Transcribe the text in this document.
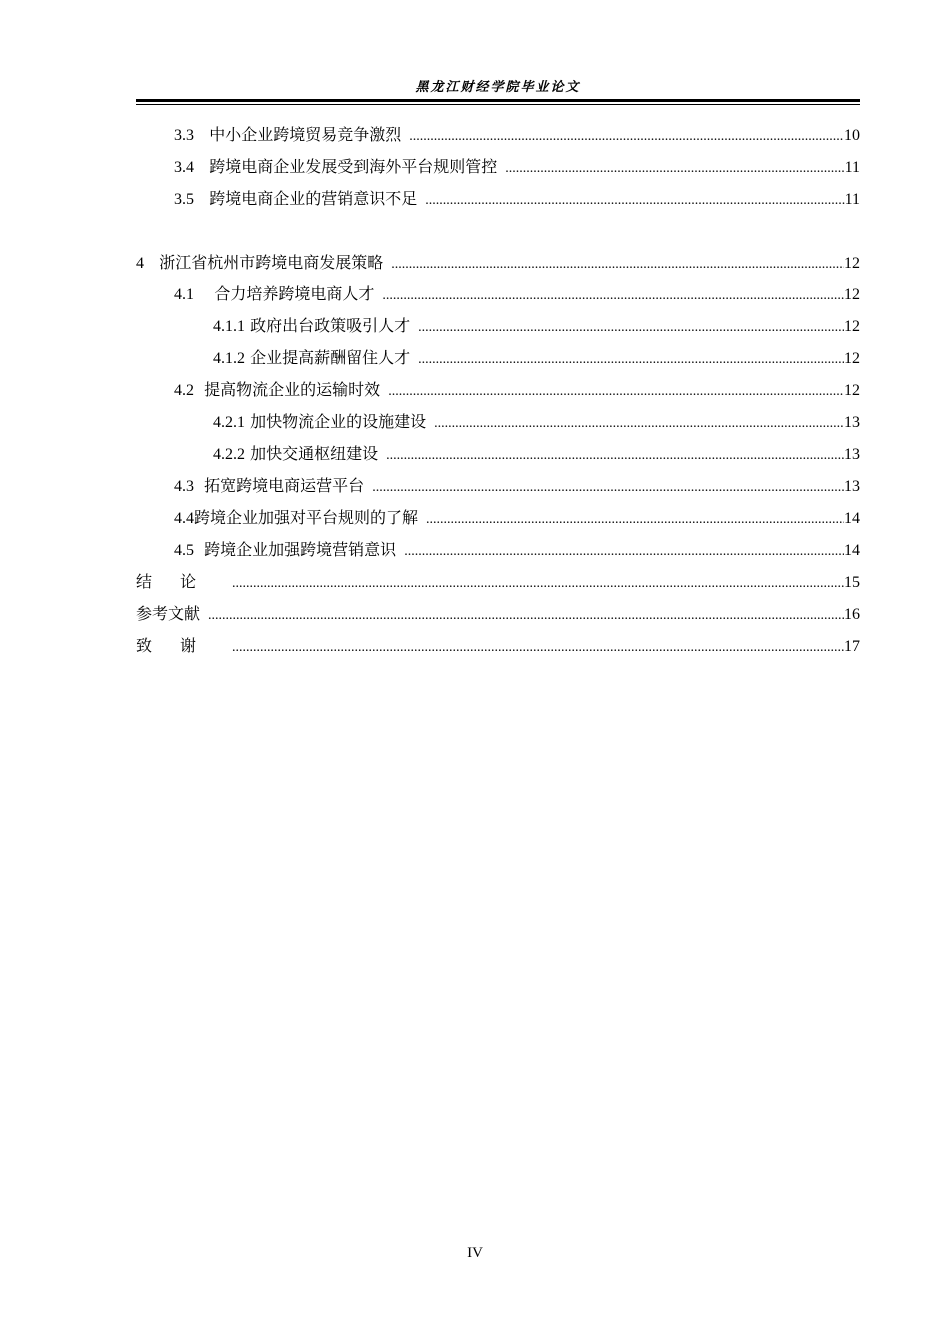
黑龙江财经学院毕业论文
3.3 中小企业跨境贸易竞争激烈 .....	10
3.4 跨境电商企业发展受到海外平台规则管控 .....	11
3.5 跨境电商企业的营销意识不足 .....	11
4 浙江省杭州市跨境电商发展策略 .....	12
4.1 合力培养跨境电商人才 .....	12
4.1.1 政府出台政策吸引人才 .....	12
4.1.2 企业提高薪酬留住人才 .....	12
4.2 提高物流企业的运输时效 .....	12
4.2.1 加快物流企业的设施建设 .....	13
4.2.2 加快交通枢纽建设 .....	13
4.3 拓宽跨境电商运营平台 .....	13
4.4跨境企业加强对平台规则的了解 .....	14
4.5 跨境企业加强跨境营销意识 .....	14
结论 .....	15
参考文献 .....	16
致谢 .....	17
IV
